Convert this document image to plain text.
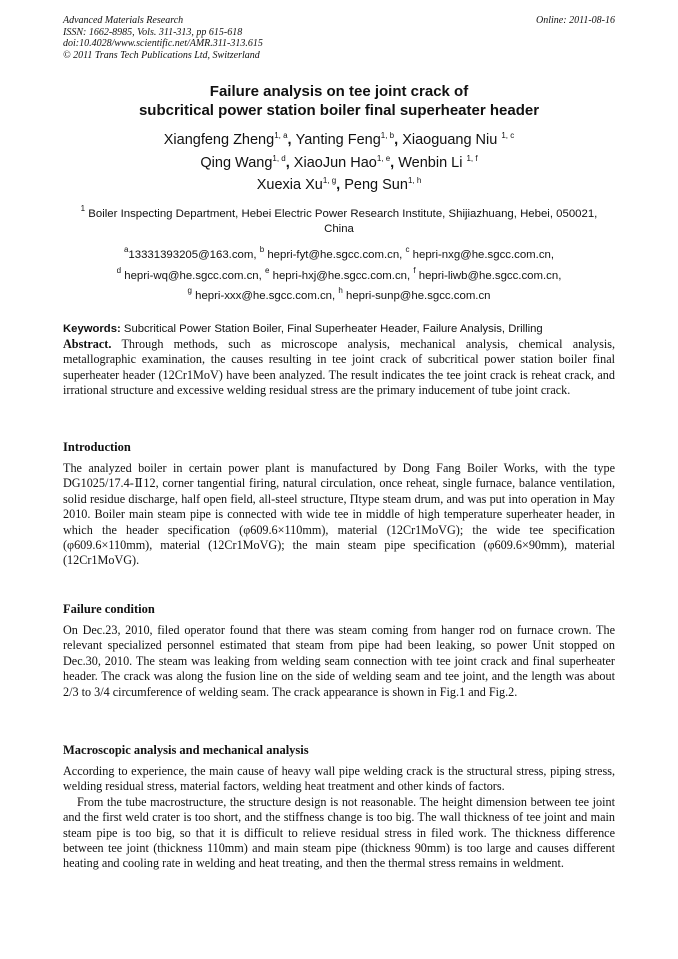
Advanced Materials Research
ISSN: 1662-8985, Vols. 311-313, pp 615-618
doi:10.4028/www.scientific.net/AMR.311-313.615
© 2011 Trans Tech Publications Ltd, Switzerland
Online: 2011-08-16
Failure analysis on tee joint crack of
subcritical power station boiler final superheater header
Xiangfeng Zheng$^{1, a}$, Yanting Feng$^{1, b}$, Xiaoguang Niu $^{1, c}$
Qing Wang$^{1, d}$, XiaoJun Hao$^{1, e}$, Wenbin Li $^{1, f}$
Xuexia Xu$^{1, g}$, Peng Sun$^{1, h}$
$^1$ Boiler Inspecting Department, Hebei Electric Power Research Institute, Shijiazhuang, Hebei, 050021, China
$^a$13331393205@163.com, $^b$ hepri-fyt@he.sgcc.com.cn, $^c$ hepri-nxg@he.sgcc.com.cn,
$^d$ hepri-wq@he.sgcc.com.cn, $^e$ hepri-hxj@he.sgcc.com.cn, $^f$ hepri-liwb@he.sgcc.com.cn,
$^g$ hepri-xxx@he.sgcc.com.cn, $^h$ hepri-sunp@he.sgcc.com.cn
Keywords: Subcritical Power Station Boiler, Final Superheater Header, Failure Analysis, Drilling
Abstract. Through methods, such as microscope analysis, mechanical analysis, chemical analysis, metallographic examination, the causes resulting in tee joint crack of subcritical power station boiler final superheater header (12Cr1MoV) have been analyzed. The result indicates the tee joint crack is reheat crack, and irrational structure and excessive welding residual stress are the primary inducement of tube joint crack.
Introduction

The analyzed boiler in certain power plant is manufactured by Dong Fang Boiler Works, with the type DG1025/17.4-Ⅱ12, corner tangential firing, natural circulation, once reheat, single furnace, balance ventilation, solid residue discharge, half open field, all-steel structure, Πtype steam drum, and was put into operation in May 2010. Boiler main steam pipe is connected with wide tee in middle of high temperature superheater header, in which the header specification (φ609.6×110mm), material (12Cr1MoVG); the wide tee specification (φ609.6×110mm), material (12Cr1MoVG); the main steam pipe specification (φ609.6×90mm), material (12Cr1MoVG).

Failure condition

On Dec.23, 2010, filed operator found that there was steam coming from hanger rod on furnace crown. The relevant specialized personnel estimated that steam from pipe had been leaking, so power Unit stopped on Dec.30, 2010. The steam was leaking from welding seam connection with tee joint crack and final superheater header. The crack was along the fusion line on the side of welding seam and tee joint, and the length was about 2/3 to 3/4 circumference of welding seam. The crack appearance is shown in Fig.1 and Fig.2.

Macroscopic analysis and mechanical analysis

According to experience, the main cause of heavy wall pipe welding crack is the structural stress, piping stress, welding residual stress, material factors, welding heat treatment and other kinds of factors.

From the tube macrostructure, the structure design is not reasonable. The height dimension between tee joint and the first weld crater is too short, and the stiffness change is too big. The wall thickness of tee joint and main steam pipe is too big, so that it is difficult to relieve residual stress in filed work. The thickness difference between tee joint (thickness 110mm) and main steam pipe (thickness 90mm) is too large and causes different heating and cooling rate in welding and heat treating, and then the thermal stress remains in weldment.
